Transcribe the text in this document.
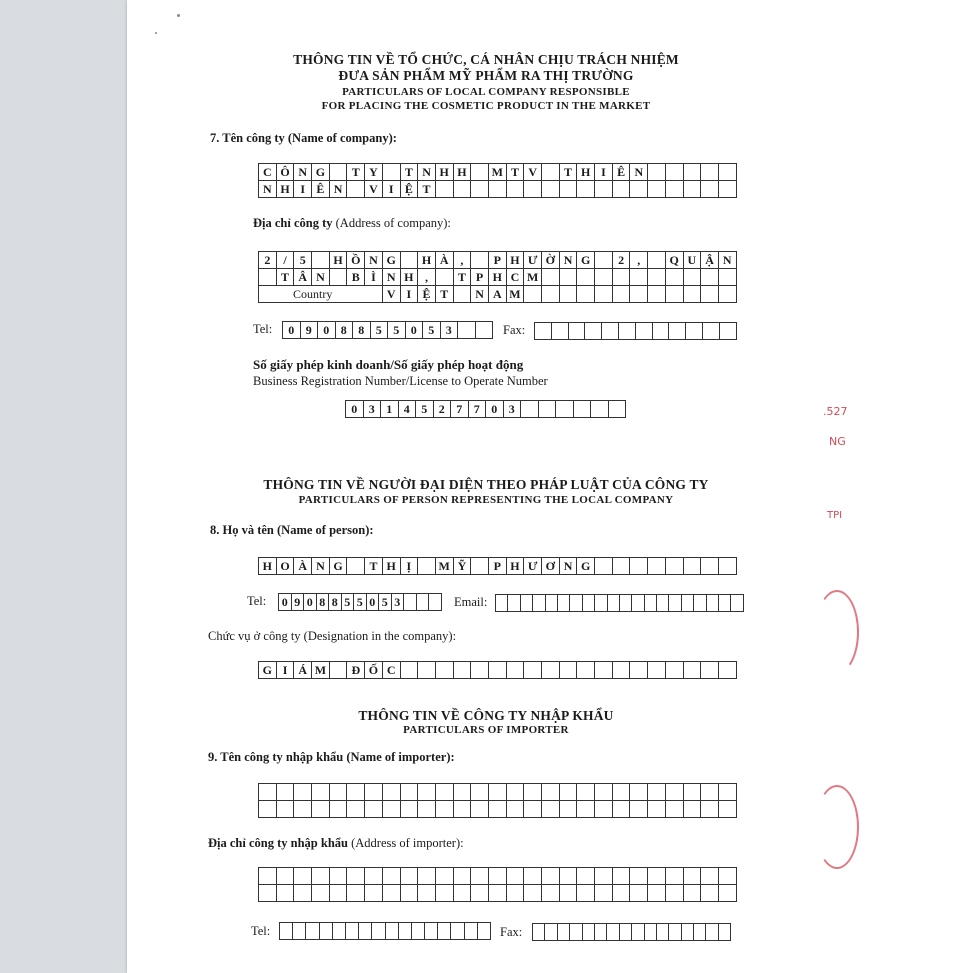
THÔNG TIN VỀ TỔ CHỨC, CÁ NHÂN CHỊU TRÁCH NHIỆM
ĐƯA SẢN PHẨM MỸ PHẨM RA THỊ TRƯỜNG
PARTICULARS OF LOCAL COMPANY RESPONSIBLE
FOR PLACING THE COSMETIC PRODUCT IN THE MARKET
7. Tên công ty (Name of company):
C Ô N G	T Y	T N H H	M T V	T H I Ê N
N H I Ê N	V I Ệ T
Địa chỉ công ty (Address of company):
2	/	5	H Ồ N G	H À ,	P H Ư Ờ N G	2	,	Q U Ậ N
T Â N	B Ì N H ,	T P H C M
Country	V I Ệ T	N A M
Tel:	0 9 0 8 8 5 5 0 5 3	Fax:
Số giấy phép kinh doanh/Số giấy phép hoạt động
Business Registration Number/License to Operate Number
0 3 1 4 5 2 7 7 0 3
THÔNG TIN VỀ NGƯỜI ĐẠI DIỆN THEO PHÁP LUẬT CỦA CÔNG TY
PARTICULARS OF PERSON REPRESENTING THE LOCAL COMPANY
8. Họ và tên (Name of person):
H O À N G	T H Ị	M Ỹ	P H Ư Ơ N G
Tel: 0 9 0 8 8 5 5 0 5 3	Email:
Chức vụ ở công ty (Designation in the company):
G I Á M	Đ Ố C
THÔNG TIN VỀ CÔNG TY NHẬP KHẨU
PARTICULARS OF IMPORTER
9. Tên công ty nhập khẩu (Name of importer):
Địa chỉ công ty nhập khẩu (Address of importer):
Tel:	Fax:
.527
NG
TPI
